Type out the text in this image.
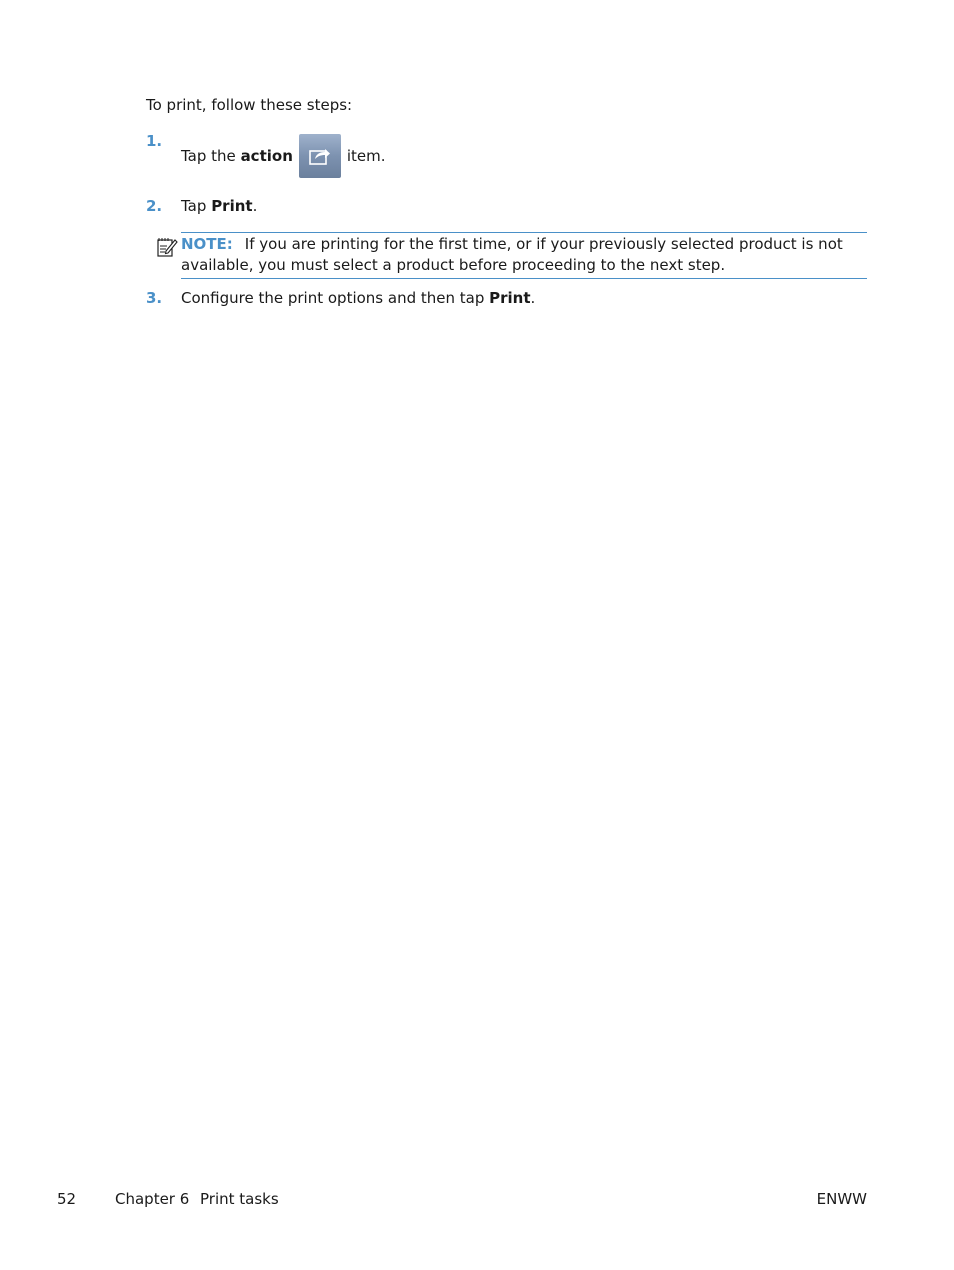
To print, follow these steps:
1.
Tap the
action	item.
2. Tap Print.
NOTE: If you are printing for the first time, or if your previously selected product is not available, you must select a product before proceeding to the next step.
3. Configure the print options and then tap Print.
52	Chapter 6 Print tasks	ENWW
